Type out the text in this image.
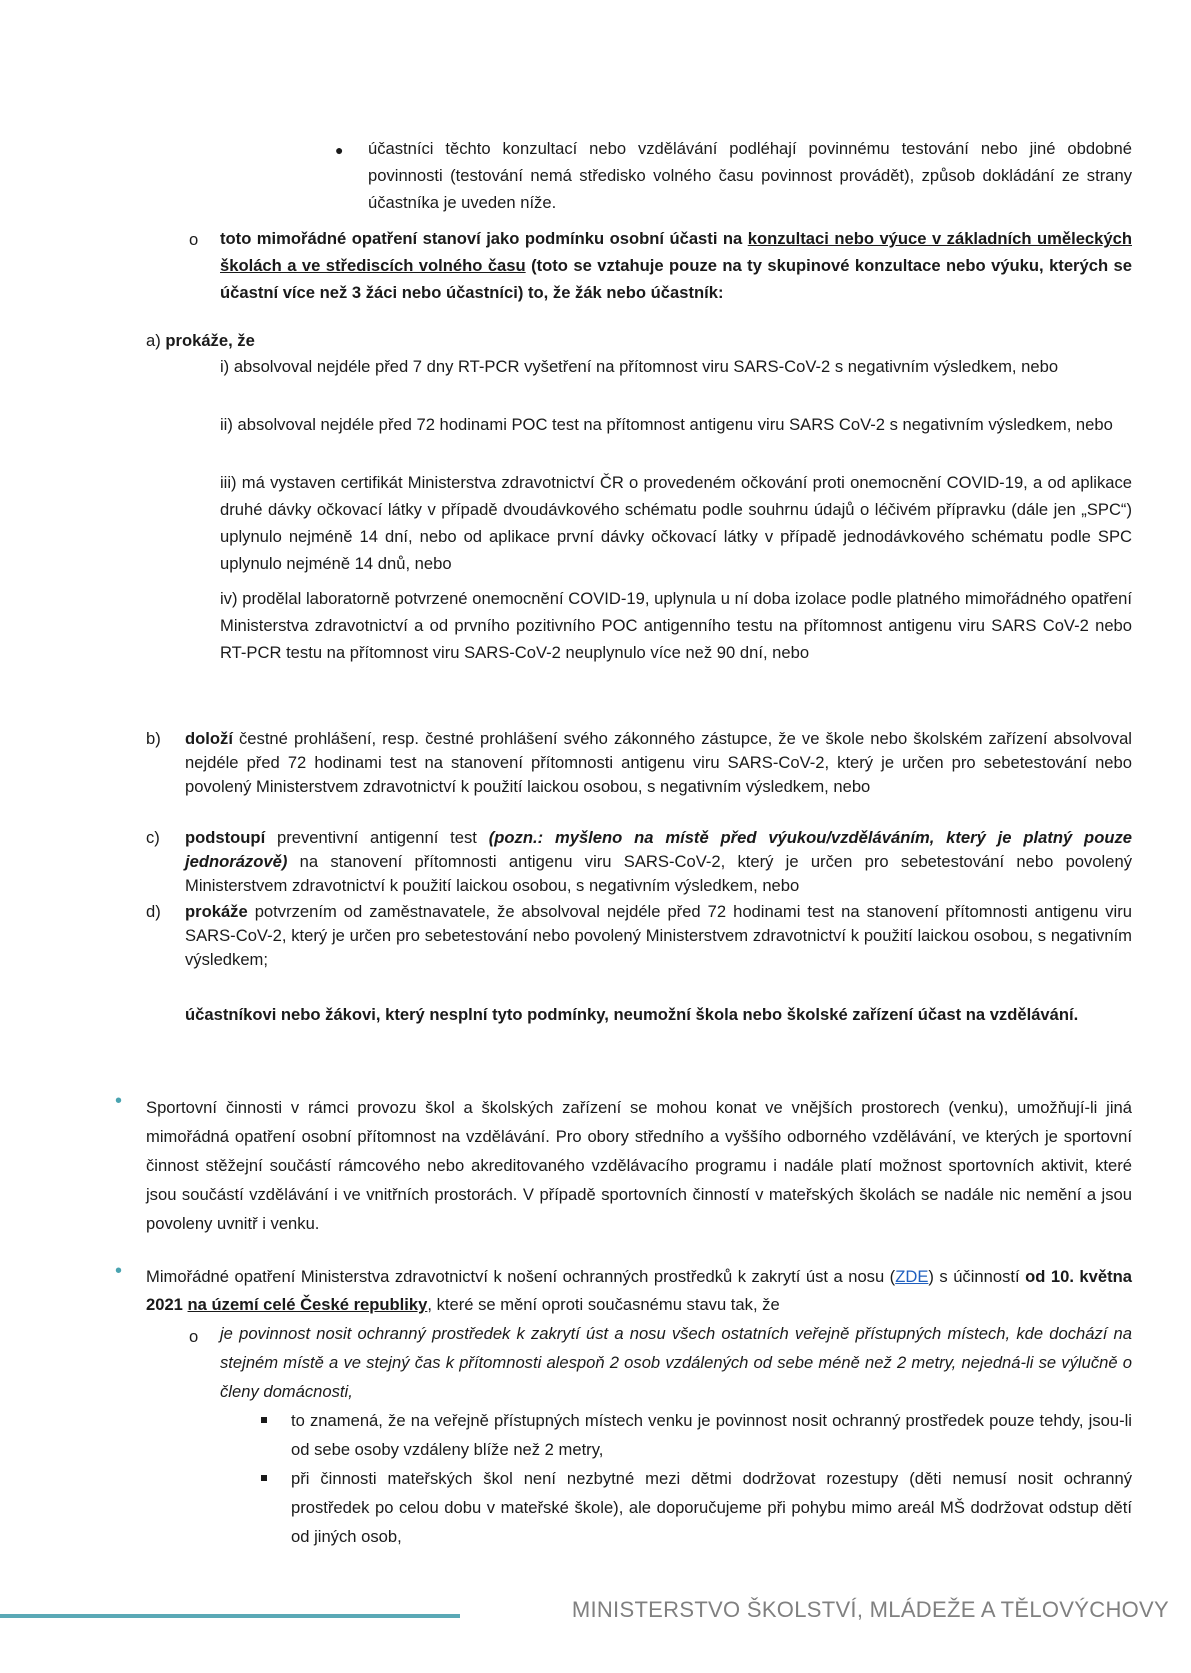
● účastníci těchto konzultací nebo vzdělávání podléhají povinnému testování nebo jiné obdobné povinnosti (testování nemá středisko volného času povinnost provádět), způsob dokládání ze strany účastníka je uveden níže.
o toto mimořádné opatření stanoví jako podmínku osobní účasti na konzultaci nebo výuce v základních uměleckých školách a ve střediscích volného času (toto se vztahuje pouze na ty skupinové konzultace nebo výuku, kterých se účastní více než 3 žáci nebo účastníci) to, že žák nebo účastník:
a) prokáže, že
i) absolvoval nejdéle před 7 dny RT-PCR vyšetření na přítomnost viru SARS-CoV-2 s negativním výsledkem, nebo
ii) absolvoval nejdéle před 72 hodinami POC test na přítomnost antigenu viru SARS CoV-2 s negativním výsledkem, nebo
iii) má vystaven certifikát Ministerstva zdravotnictví ČR o provedeném očkování proti onemocnění COVID-19, a od aplikace druhé dávky očkovací látky v případě dvoudávkového schématu podle souhrnu údajů o léčivém přípravku (dále jen „SPC“) uplynulo nejméně 14 dní, nebo od aplikace první dávky očkovací látky v případě jednodávkového schématu podle SPC uplynulo nejméně 14 dnů, nebo
iv) prodělal laboratorně potvrzené onemocnění COVID-19, uplynula u ní doba izolace podle platného mimořádného opatření Ministerstva zdravotnictví a od prvního pozitivního POC antigenního testu na přítomnost antigenu viru SARS CoV-2 nebo RT-PCR testu na přítomnost viru SARS-CoV-2 neuplynulo více než 90 dní, nebo
b) doloží čestné prohlášení, resp. čestné prohlášení svého zákonného zástupce, že ve škole nebo školském zařízení absolvoval nejdéle před 72 hodinami test na stanovení přítomnosti antigenu viru SARS-CoV-2, který je určen pro sebetestování nebo povolený Ministerstvem zdravotnictví k použití laickou osobou, s negativním výsledkem, nebo
c) podstoupí preventivní antigenní test (pozn.: myšleno na místě před výukou/vzděláváním, který je platný pouze jednorázově) na stanovení přítomnosti antigenu viru SARS-CoV-2, který je určen pro sebetestování nebo povolený Ministerstvem zdravotnictví k použití laickou osobou, s negativním výsledkem, nebo
d) prokáže potvrzením od zaměstnavatele, že absolvoval nejdéle před 72 hodinami test na stanovení přítomnosti antigenu viru SARS-CoV-2, který je určen pro sebetestování nebo povolený Ministerstvem zdravotnictví k použití laickou osobou, s negativním výsledkem;
účastníkovi nebo žákovi, který nesplní tyto podmínky, neumožní škola nebo školské zařízení účast na vzdělávání.
• Sportovní činnosti v rámci provozu škol a školských zařízení se mohou konat ve vnějších prostorech (venku), umožňují-li jiná mimořádná opatření osobní přítomnost na vzdělávání. Pro obory středního a vyššího odborného vzdělávání, ve kterých je sportovní činnost stěžejní součástí rámcového nebo akreditovaného vzdělávacího programu i nadále platí možnost sportovních aktivit, které jsou součástí vzdělávání i ve vnitřních prostorách. V případě sportovních činností v mateřských školách se nadále nic nemění a jsou povoleny uvnitř i venku.
• Mimořádné opatření Ministerstva zdravotnictví k nošení ochranných prostředků k zakrytí úst a nosu (ZDE) s účinností od 10. května 2021 na území celé České republiky, které se mění oproti současnému stavu tak, že
o je povinnost nosit ochranný prostředek k zakrytí úst a nosu všech ostatních veřejně přístupných místech, kde dochází na stejném místě a ve stejný čas k přítomnosti alespoň 2 osob vzdálených od sebe méně než 2 metry, nejedná-li se výlučně o členy domácnosti,
to znamená, že na veřejně přístupných místech venku je povinnost nosit ochranný prostředek pouze tehdy, jsou-li od sebe osoby vzdáleny blíže než 2 metry,
při činnosti mateřských škol není nezbytné mezi dětmi dodržovat rozestupy (děti nemusí nosit ochranný prostředek po celou dobu v mateřské škole), ale doporučujeme při pohybu mimo areál MŠ dodržovat odstup dětí od jiných osob,
MINISTERSTVO ŠKOLSTVÍ, MLÁDEŽE A TĚLOVÝCHOVY
